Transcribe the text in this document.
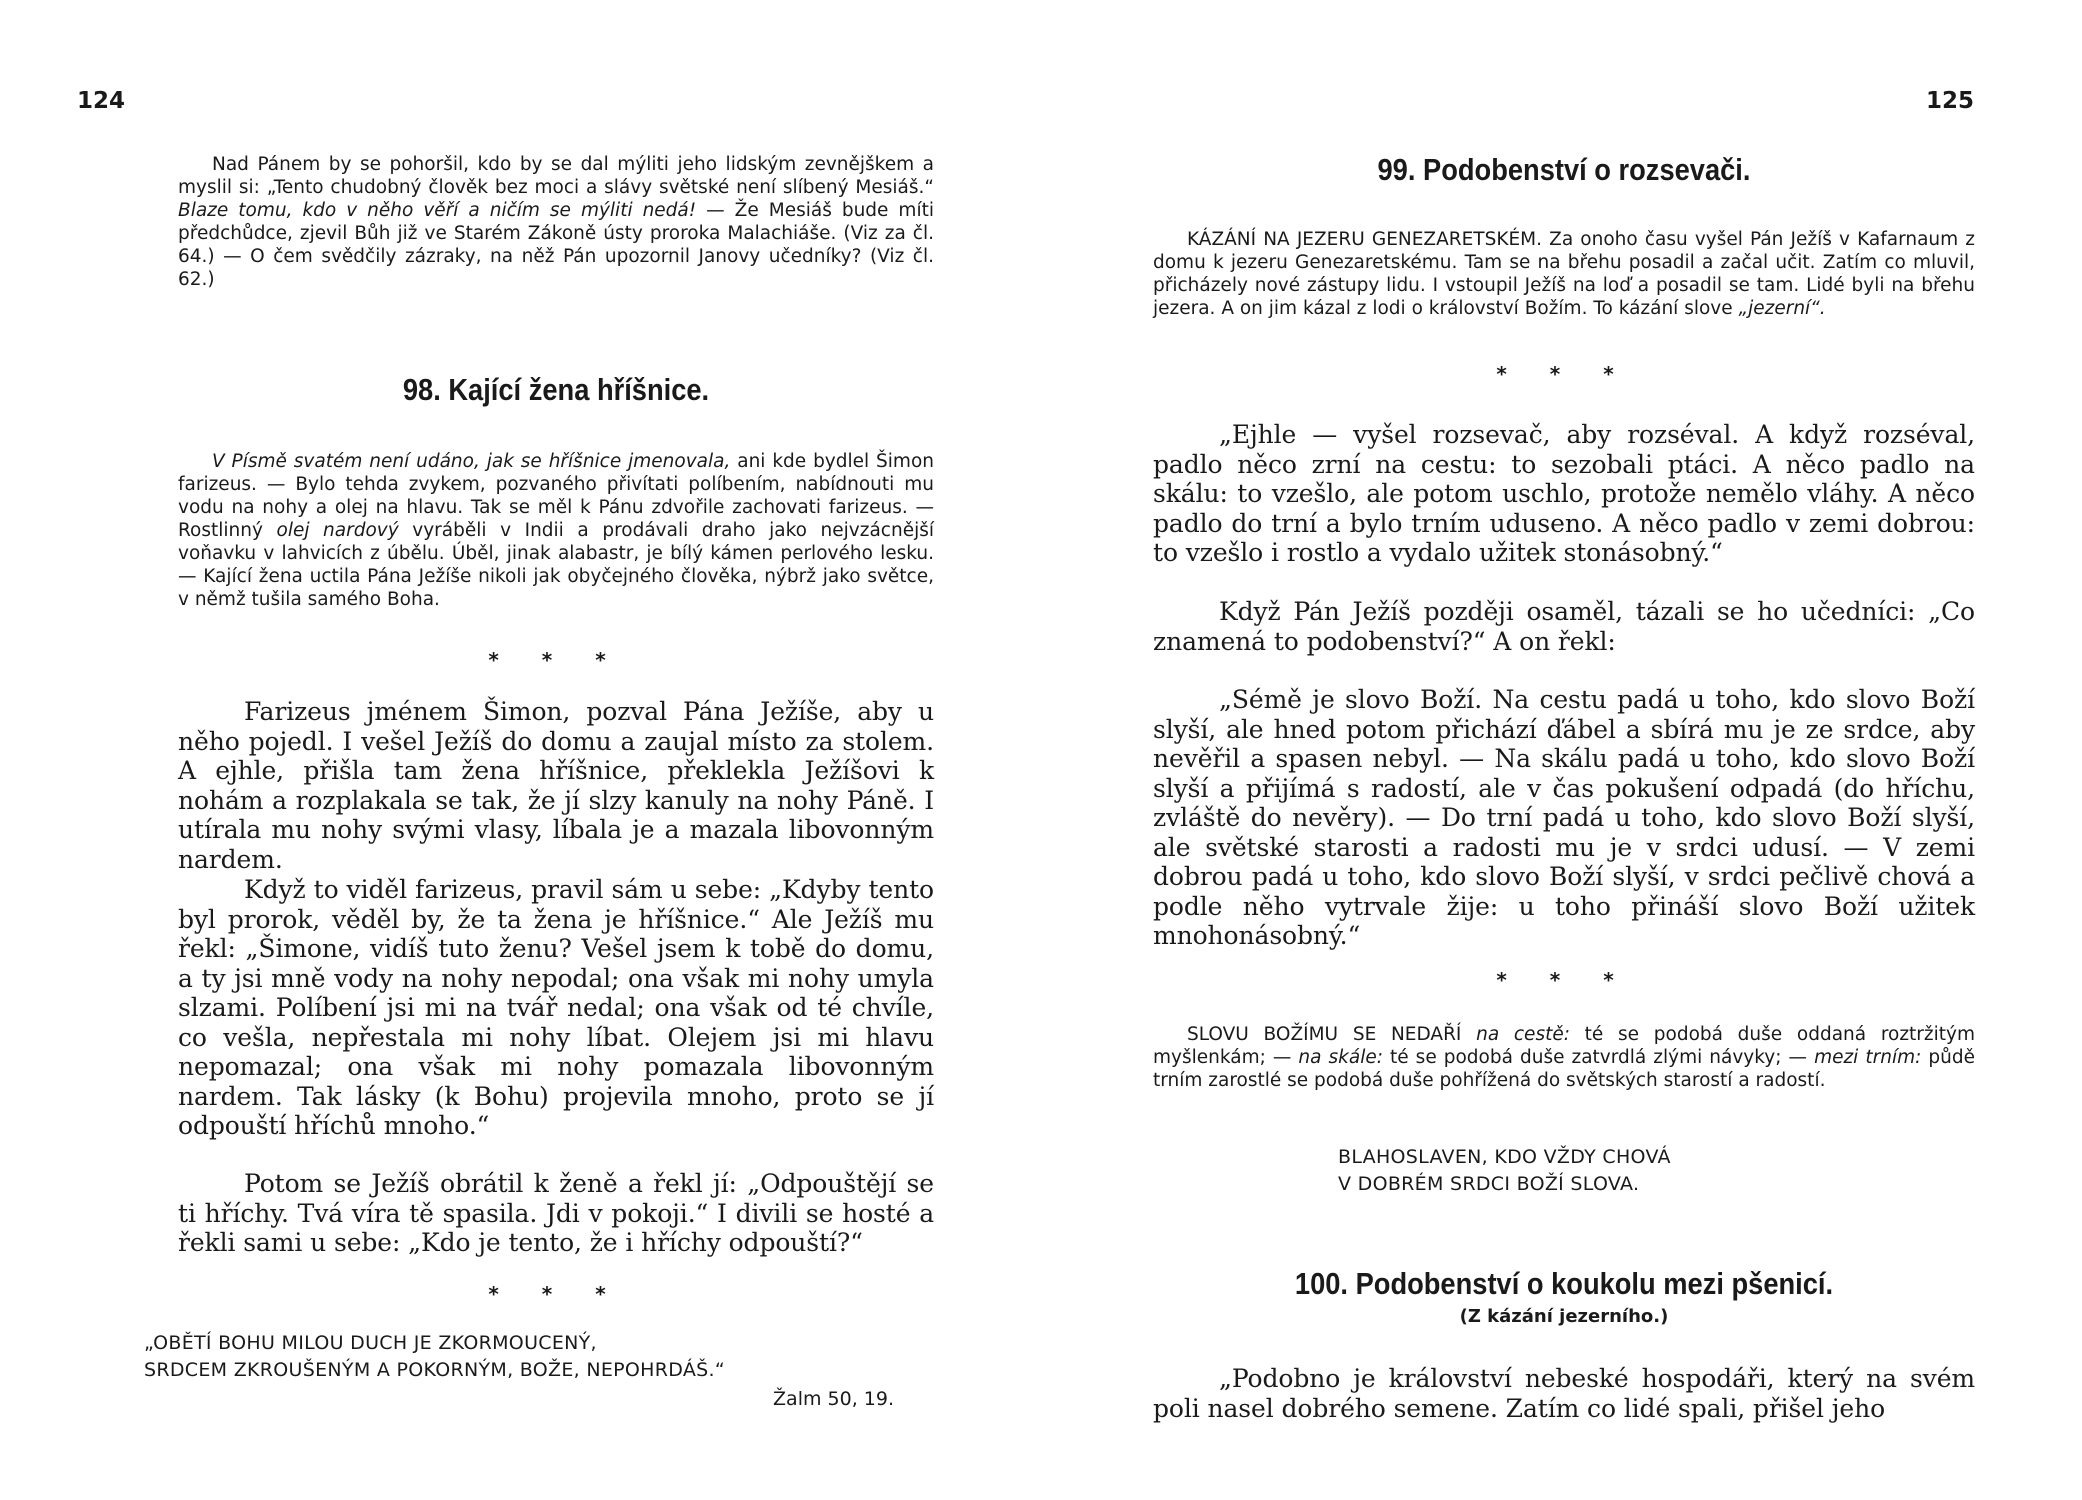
124

Nad Pánem by se pohoršil, kdo by se dal mýliti jeho lidským zevnějškem a myslil si: „Tento chudobný člověk bez moci a slávy světské není slíbený Mesiáš.“ Blaze tomu, kdo v něho věří a ničím se mýliti nedá! — Že Mesiáš bude míti předchůdce, zjevil Bůh již ve Starém Zákoně ústy proroka Malachiáše. (Viz za čl. 64.) — O čem svědčily zázraky, na něž Pán upozornil Janovy učedníky? (Viz čl. 62.)

98. Kající žena hříšnice.

V Písmě svatém není udáno, jak se hříšnice jmenovala, ani kde bydlel Šimon farizeus. — Bylo tehda zvykem, pozvaného přivítati políbením, nabídnouti mu vodu na nohy a olej na hlavu. Tak se měl k Pánu zdvořile zachovati farizeus. — Rostlinný olej nardový vyráběli v Indii a prodávali draho jako nejvzácnější voňavku v lahvicích z úbělu. Úběl, jinak alabastr, je bílý kámen perlového lesku. — Kající žena uctila Pána Ježíše nikoli jak obyčejného člověka, nýbrž jako světce, v němž tušila samého Boha.

* * *

Farizeus jménem Šimon, pozval Pána Ježíše, aby u něho pojedl. I vešel Ježíš do domu a zaujal místo za stolem. A ejhle, přišla tam žena hříšnice, překlekla Ježíšovi k nohám a rozplakala se tak, že jí slzy kanuly na nohy Páně. I utírala mu nohy svými vlasy, líbala je a mazala libovonným nardem.

Když to viděl farizeus, pravil sám u sebe: „Kdyby tento byl prorok, věděl by, že ta žena je hříšnice.“ Ale Ježíš mu řekl: „Šimone, vidíš tuto ženu? Vešel jsem k tobě do domu, a ty jsi mně vody na nohy nepodal; ona však mi nohy umyla slzami. Políbení jsi mi na tvář nedal; ona však od té chvíle, co vešla, nepřestala mi nohy líbat. Olejem jsi mi hlavu nepomazal; ona však mi nohy pomazala libovonným nardem. Tak lásky (k Bohu) projevila mnoho, proto se jí odpouští hříchů mnoho.“

Potom se Ježíš obrátil k ženě a řekl jí: „Odpouštějí se ti hříchy. Tvá víra tě spasila. Jdi v pokoji.“ I divili se hosté a řekli sami u sebe: „Kdo je tento, že i hříchy odpouští?“

* * *

„OBĚTÍ BOHU MILOU DUCH JE ZKORMOUCENÝ,
SRDCEM ZKROUŠENÝM A POKORNÝM, BOŽE, NEPOHRDÁŠ.“

Žalm 50, 19.

125

99. Podobenství o rozsevači.

KÁZÁNÍ NA JEZERU GENEZARETSKÉM. Za onoho času vyšel Pán Ježíš v Kafarnaum z domu k jezeru Genezaretskému. Tam se na břehu posadil a začal učit. Zatím co mluvil, přicházely nové zástupy lidu. I vstoupil Ježíš na loď a posadil se tam. Lidé byli na břehu jezera. A on jim kázal z lodi o království Božím. To kázání slove „jezerní“.

* * *

„Ejhle — vyšel rozsevač, aby rozséval. A když rozséval, padlo něco zrní na cestu: to sezobali ptáci. A něco padlo na skálu: to vzešlo, ale potom uschlo, protože nemělo vláhy. A něco padlo do trní a bylo trním uduseno. A něco padlo v zemi dobrou: to vzešlo i rostlo a vydalo užitek stonásobný.“

Když Pán Ježíš později osaměl, tázali se ho učedníci: „Co znamená to podobenství?“ A on řekl:

„Sémě je slovo Boží. Na cestu padá u toho, kdo slovo Boží slyší, ale hned potom přichází ďábel a sbírá mu je ze srdce, aby nevěřil a spasen nebyl. — Na skálu padá u toho, kdo slovo Boží slyší a přijímá s radostí, ale v čas pokušení odpadá (do hříchu, zvláště do nevěry). — Do trní padá u toho, kdo slovo Boží slyší, ale světské starosti a radosti mu je v srdci udusí. — V zemi dobrou padá u toho, kdo slovo Boží slyší, v srdci pečlivě chová a podle něho vytrvale žije: u toho přináší slovo Boží užitek mnohonásobný.“

* * *

SLOVU BOŽÍMU SE NEDAŘÍ na cestě: té se podobá duše oddaná roztržitým myšlenkám; — na skále: té se podobá duše zatvrdlá zlými návyky; — mezi trním: půdě trním zarostlé se podobá duše pohřížená do světských starostí a radostí.

BLAHOSLAVEN, KDO VŽDY CHOVÁ
V DOBRÉM SRDCI BOŽÍ SLOVA.

100. Podobenství o koukolu mezi pšenicí.

(Z kázání jezerního.)

„Podobno je království nebeské hospodáři, který na svém poli nasel dobrého semene. Zatím co lidé spali, přišel jeho
